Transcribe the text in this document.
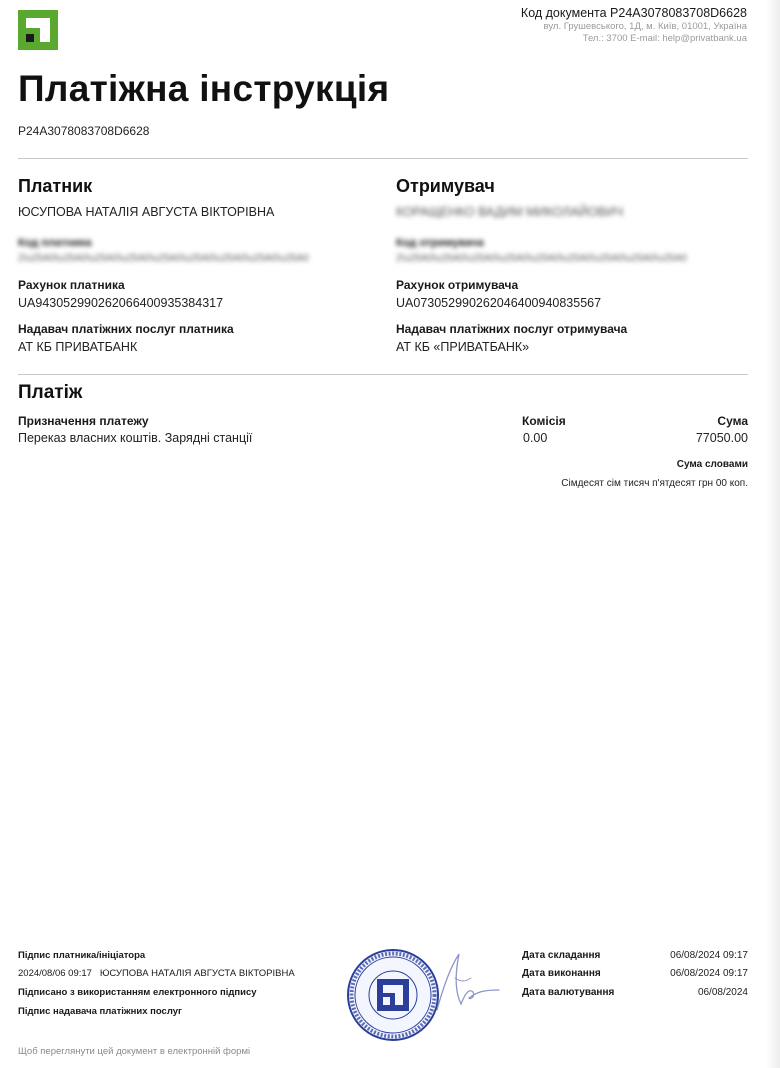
Код документа P24A3078083708D6628
вул. Грушевського, 1Д, м. Київ, 01001, Україна
Тел.: 3700 E-mail: help@privatbank.ua
Платіжна інструкція
P24A3078083708D6628
Платник
ЮСУПОВА НАТАЛІЯ АВГУСТА ВІКТОРІВНА
Код платника
2\u25A0\u25A0\u25A0\u25A0\u25A0\u25A0\u25A0\u25A0\u25A0
Рахунок платника
UA943052990262066400935384317
Надавач платіжних послуг платника
АТ КБ ПРИВАТБАНК
Отримувач
КОРАЩЕНКО ВАДИМ МИКОЛАЙОВИЧ
Код отримувача
2\u25A0\u25A0\u25A0\u25A0\u25A0\u25A0\u25A0\u25A0\u25A0
Рахунок отримувача
UA073052990262046400940835567
Надавач платіжних послуг отримувача
АТ КБ «ПРИВАТБАНК»
Платіж
Призначення платежу
Переказ власних коштів. Зарядні станції
Комісія
0.00
Сума
77050.00
Сума словами
Сімдесят сім тисяч п'ятдесят грн 00 коп.
Підпис платника/ініціатора
2024/08/06 09:17 ЮСУПОВА НАТАЛІЯ АВГУСТА ВІКТОРІВНА
Підписано з використанням електронного підпису
Підпис надавача платіжних послуг
Щоб переглянути цей документ в електронній формі
Дата складання	06/08/2024 09:17
Дата виконання	06/08/2024 09:17
Дата валютування	06/08/2024
